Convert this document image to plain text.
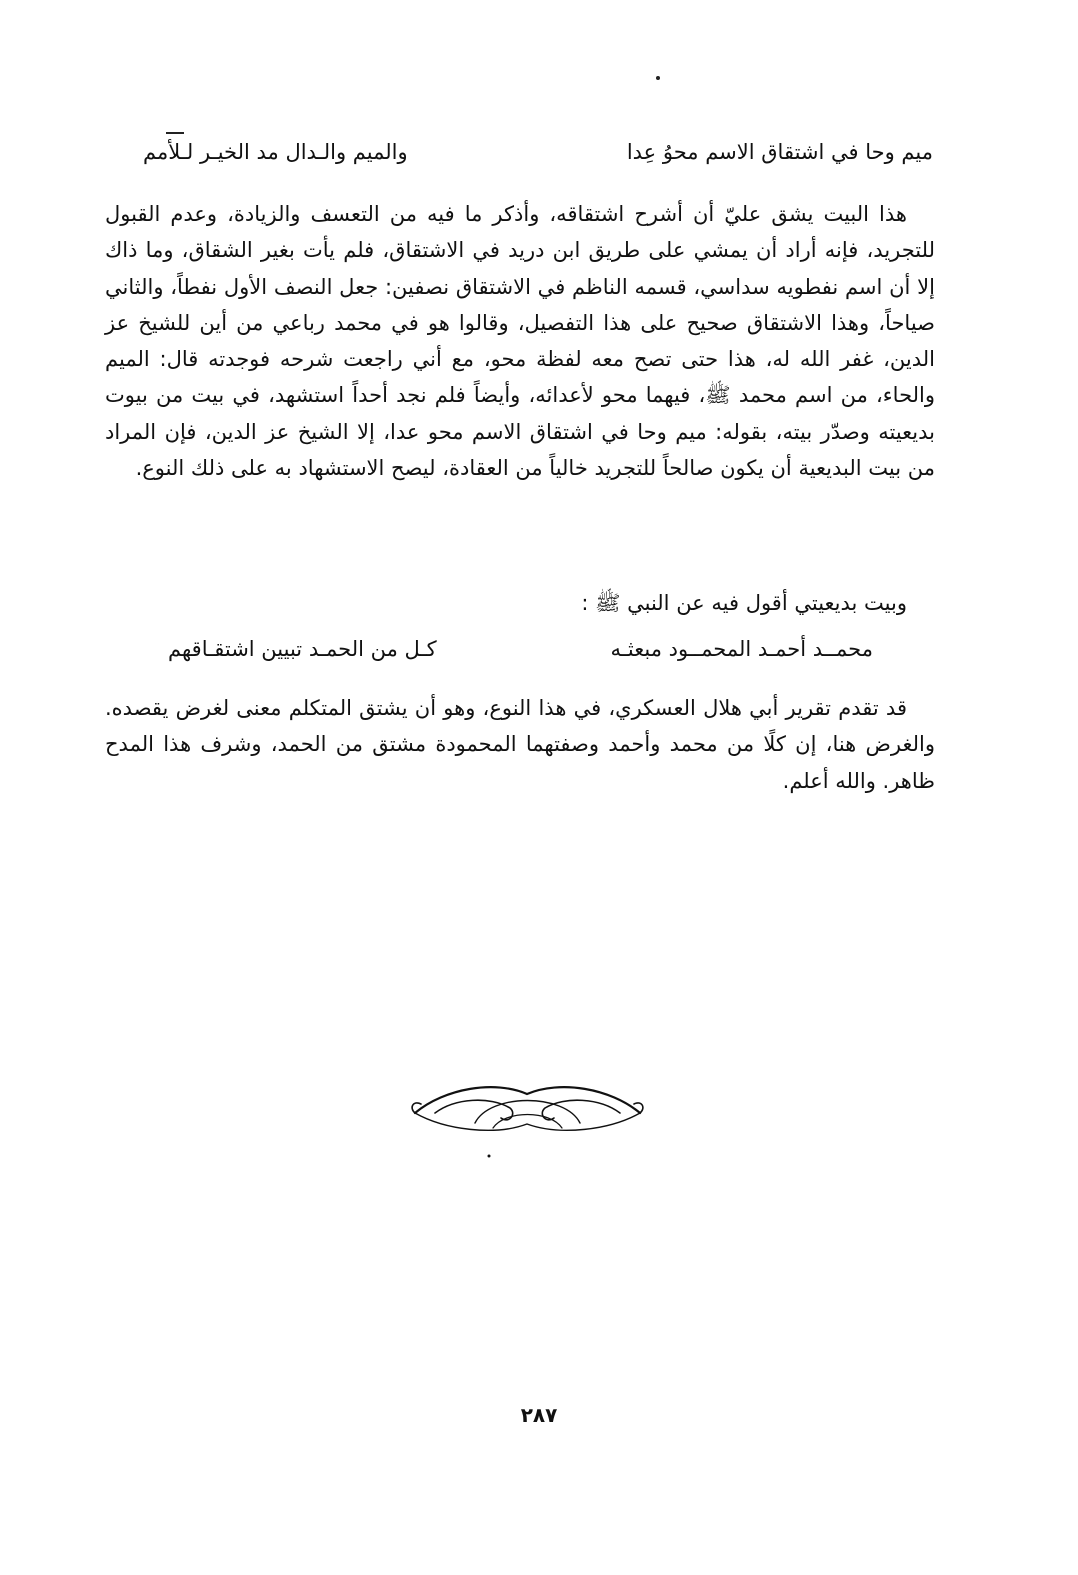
ميم وحا في اشتقاق الاسم محوُ عِدا
والميم والـدال مد الخيـر لـلأمم

هذا البيت يشق عليّ أن أشرح اشتقاقه، وأذكر ما فيه من التعسف والزيادة، وعدم القبول للتجريد، فإنه أراد أن يمشي على طريق ابن دريد في الاشتقاق، فلم يأت بغير الشقاق، وما ذاك إلا أن اسم نفطويه سداسي، قسمه الناظم في الاشتقاق نصفين: جعل النصف الأول نفطاً، والثاني صياحاً، وهذا الاشتقاق صحيح على هذا التفصيل، وقالوا هو في محمد رباعي من أين للشيخ عز الدين، غفر الله له، هذا حتى تصح معه لفظة محو، مع أني راجعت شرحه فوجدته قال: الميم والحاء، من اسم محمد ﷺ، فيهما محو لأعدائه، وأيضاً فلم نجد أحداً استشهد، في بيت من بيوت بديعيته وصدّر بيته، بقوله: ميم وحا في اشتقاق الاسم محو عدا، إلا الشيخ عز الدين، فإن المراد من بيت البديعية أن يكون صالحاً للتجريد خالياً من العقادة، ليصح الاستشهاد به على ذلك النوع.

وبيت بديعيتي أقول فيه عن النبي ﷺ :

محمــد أحمـد المحمــود مبعثـه
كـل من الحمـد تبيين اشتقـاقهم

قد تقدم تقرير أبي هلال العسكري، في هذا النوع، وهو أن يشتق المتكلم معنى لغرض يقصده. والغرض هنا، إن كلًا من محمد وأحمد وصفتهما المحمودة مشتق من الحمد، وشرف هذا المدح ظاهر. والله أعلم.

٢٨٧
